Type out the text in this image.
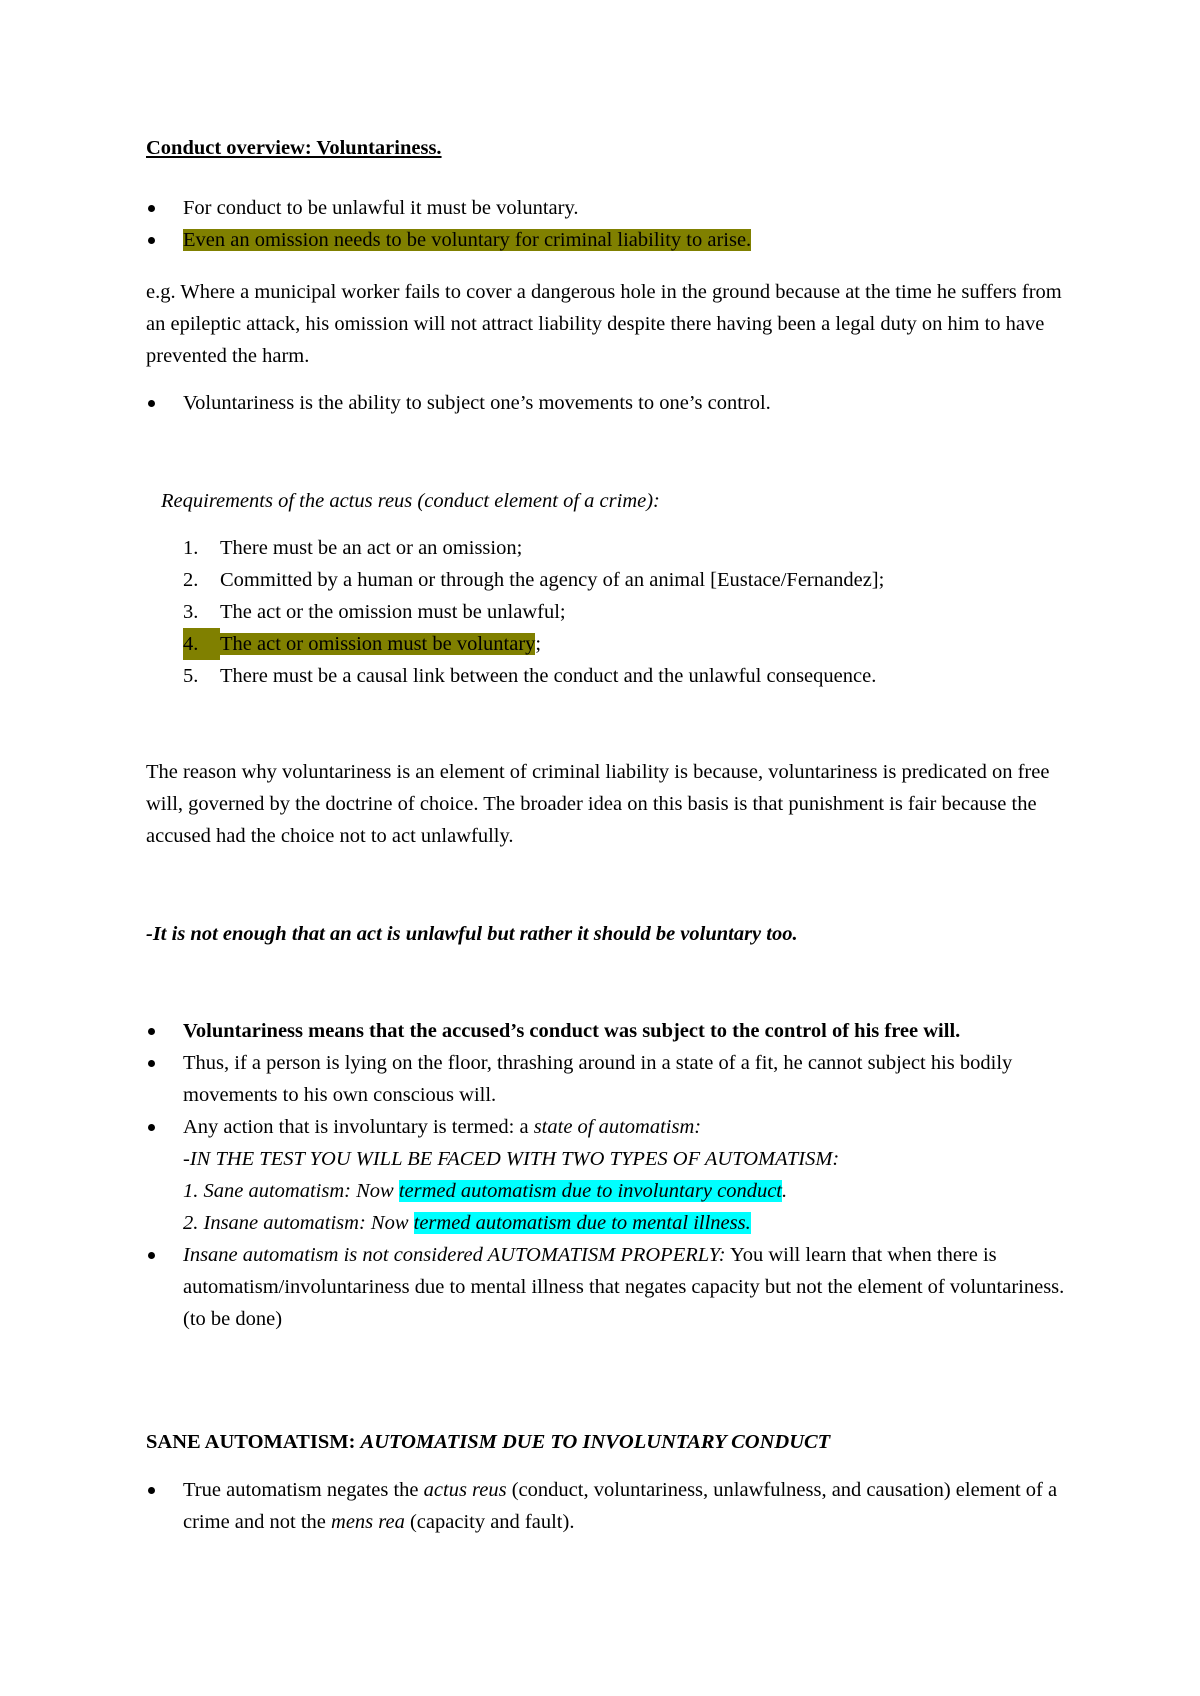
Conduct overview: Voluntariness.

For conduct to be unlawful it must be voluntary.
Even an omission needs to be voluntary for criminal liability to arise.

e.g. Where a municipal worker fails to cover a dangerous hole in the ground because at the time he suffers from an epileptic attack, his omission will not attract liability despite there having been a legal duty on him to have prevented the harm.

Voluntariness is the ability to subject one’s movements to one’s control.

Requirements of the actus reus (conduct element of a crime):

1.	There must be an act or an omission;
2.	Committed by a human or through the agency of an animal [Eustace/Fernandez];
3.	The act or the omission must be unlawful;
4.	The act or omission must be voluntary;
5.	There must be a causal link between the conduct and the unlawful consequence.

The reason why voluntariness is an element of criminal liability is because, voluntariness is predicated on free will, governed by the doctrine of choice. The broader idea on this basis is that punishment is fair because the accused had the choice not to act unlawfully.

-It is not enough that an act is unlawful but rather it should be voluntary too.

Voluntariness means that the accused’s conduct was subject to the control of his free will.
Thus, if a person is lying on the floor, thrashing around in a state of a fit, he cannot subject his bodily movements to his own conscious will.
Any action that is involuntary is termed: a state of automatism:
-IN THE TEST YOU WILL BE FACED WITH TWO TYPES OF AUTOMATISM:
1. Sane automatism: Now termed automatism due to involuntary conduct.
2. Insane automatism: Now termed automatism due to mental illness.
Insane automatism is not considered AUTOMATISM PROPERLY: You will learn that when there is automatism/involuntariness due to mental illness that negates capacity but not the element of voluntariness. (to be done)

SANE AUTOMATISM: AUTOMATISM DUE TO INVOLUNTARY CONDUCT

True automatism negates the actus reus (conduct, voluntariness, unlawfulness, and causation) element of a crime and not the mens rea (capacity and fault).
